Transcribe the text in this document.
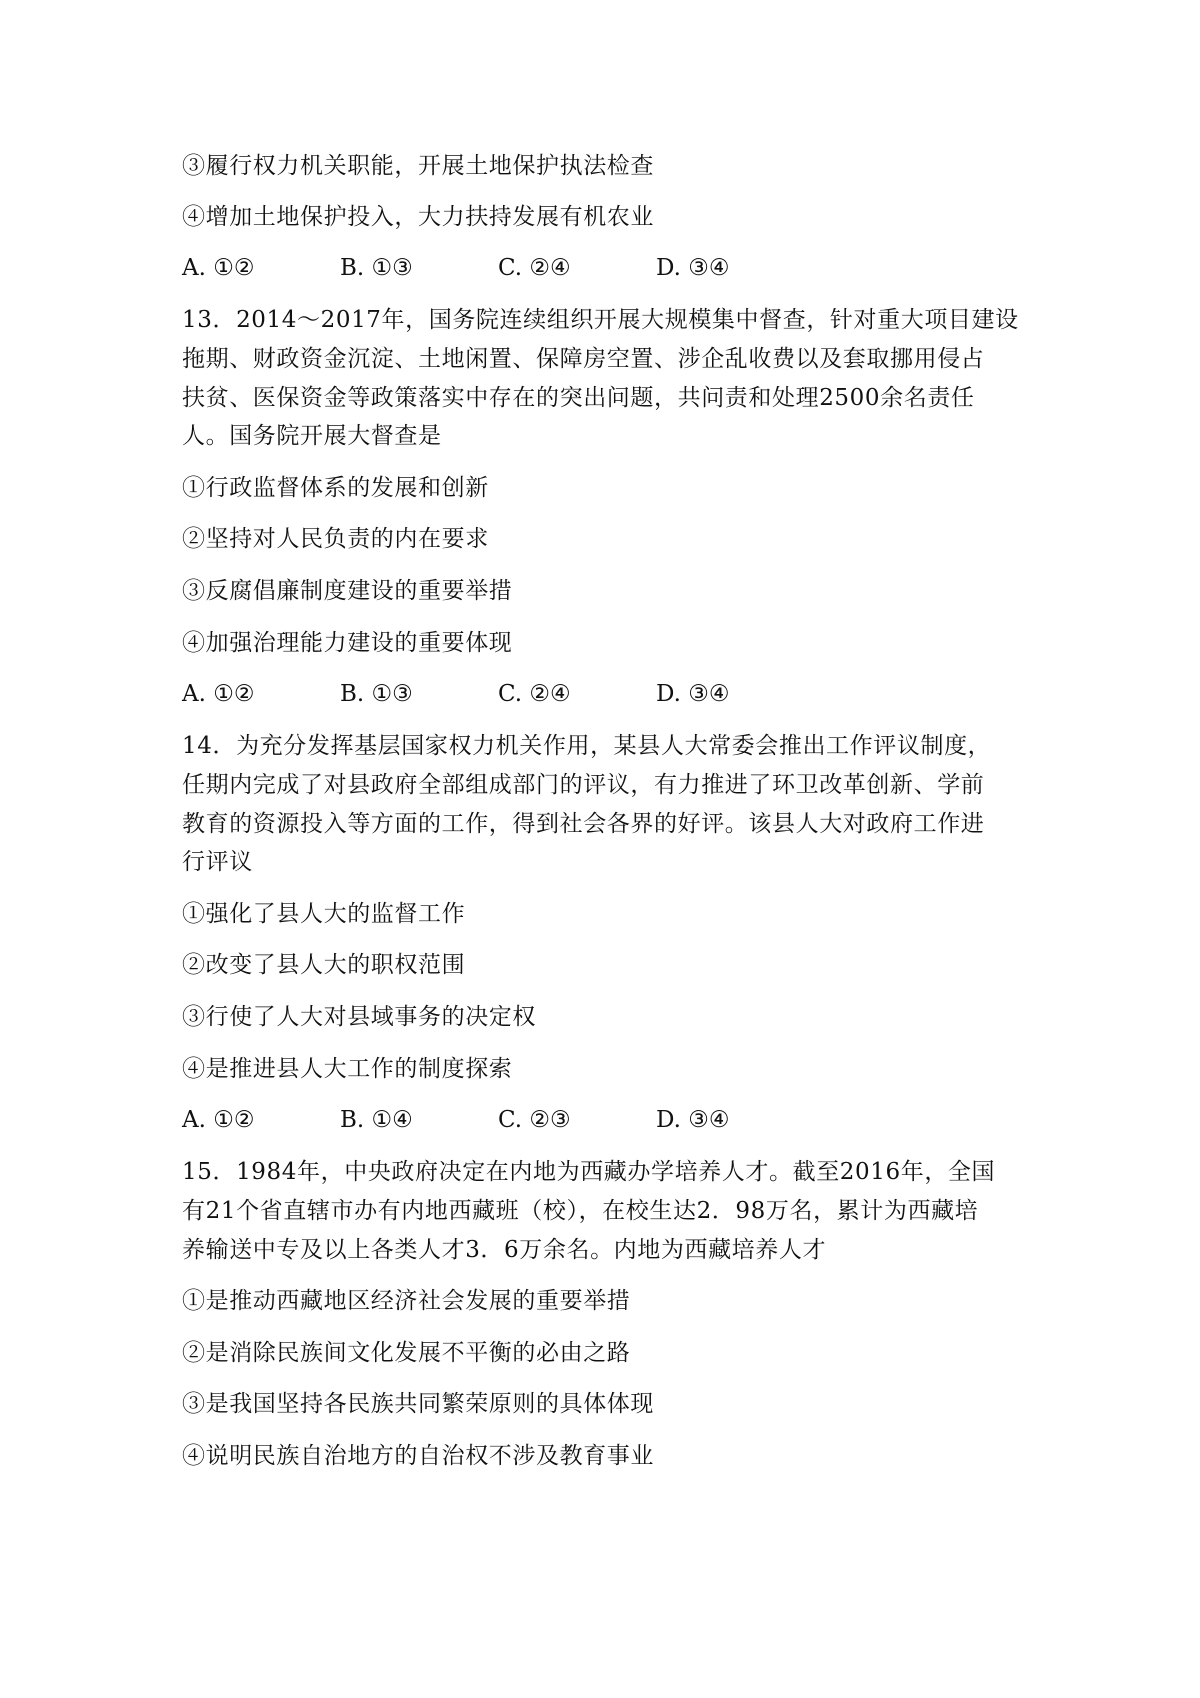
③履行权力机关职能，开展土地保护执法检查
④增加土地保护投入，大力扶持发展有机农业
A. ①②	B. ①③	C. ②④	D. ③④
13．2014～2017年，国务院连续组织开展大规模集中督查，针对重大项目建设
拖期、财政资金沉淀、土地闲置、保障房空置、涉企乱收费以及套取挪用侵占
扶贫、医保资金等政策落实中存在的突出问题，共问责和处理2500余名责任
人。国务院开展大督查是
①行政监督体系的发展和创新
②坚持对人民负责的内在要求
③反腐倡廉制度建设的重要举措
④加强治理能力建设的重要体现
A. ①②	B. ①③	C. ②④	D. ③④
14．为充分发挥基层国家权力机关作用，某县人大常委会推出工作评议制度，
任期内完成了对县政府全部组成部门的评议，有力推进了环卫改革创新、学前
教育的资源投入等方面的工作，得到社会各界的好评。该县人大对政府工作进
行评议
①强化了县人大的监督工作
②改变了县人大的职权范围
③行使了人大对县域事务的决定权
④是推进县人大工作的制度探索
A. ①②	B. ①④	C. ②③	D. ③④
15．1984年，中央政府决定在内地为西藏办学培养人才。截至2016年，全国
有21个省直辖市办有内地西藏班（校），在校生达2．98万名，累计为西藏培
养输送中专及以上各类人才3．6万余名。内地为西藏培养人才
①是推动西藏地区经济社会发展的重要举措
②是消除民族间文化发展不平衡的必由之路
③是我国坚持各民族共同繁荣原则的具体体现
④说明民族自治地方的自治权不涉及教育事业
